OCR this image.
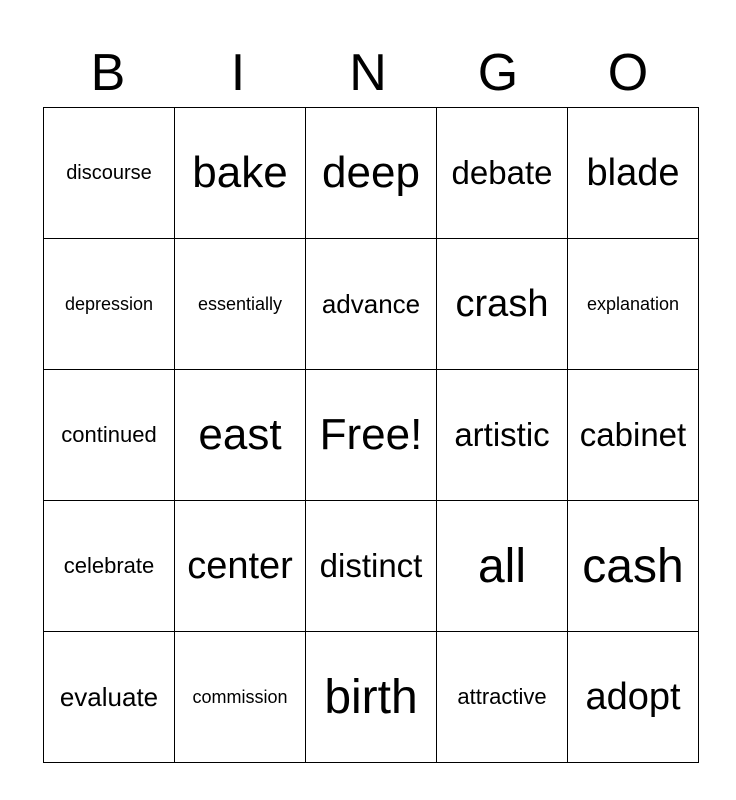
B	I	N	G	O
discourse	bake	deep	debate	blade
depression	essentially	advance	crash	explanation
continued	east	Free!	artistic	cabinet
celebrate	center	distinct	all	cash
evaluate	commission	birth	attractive	adopt
